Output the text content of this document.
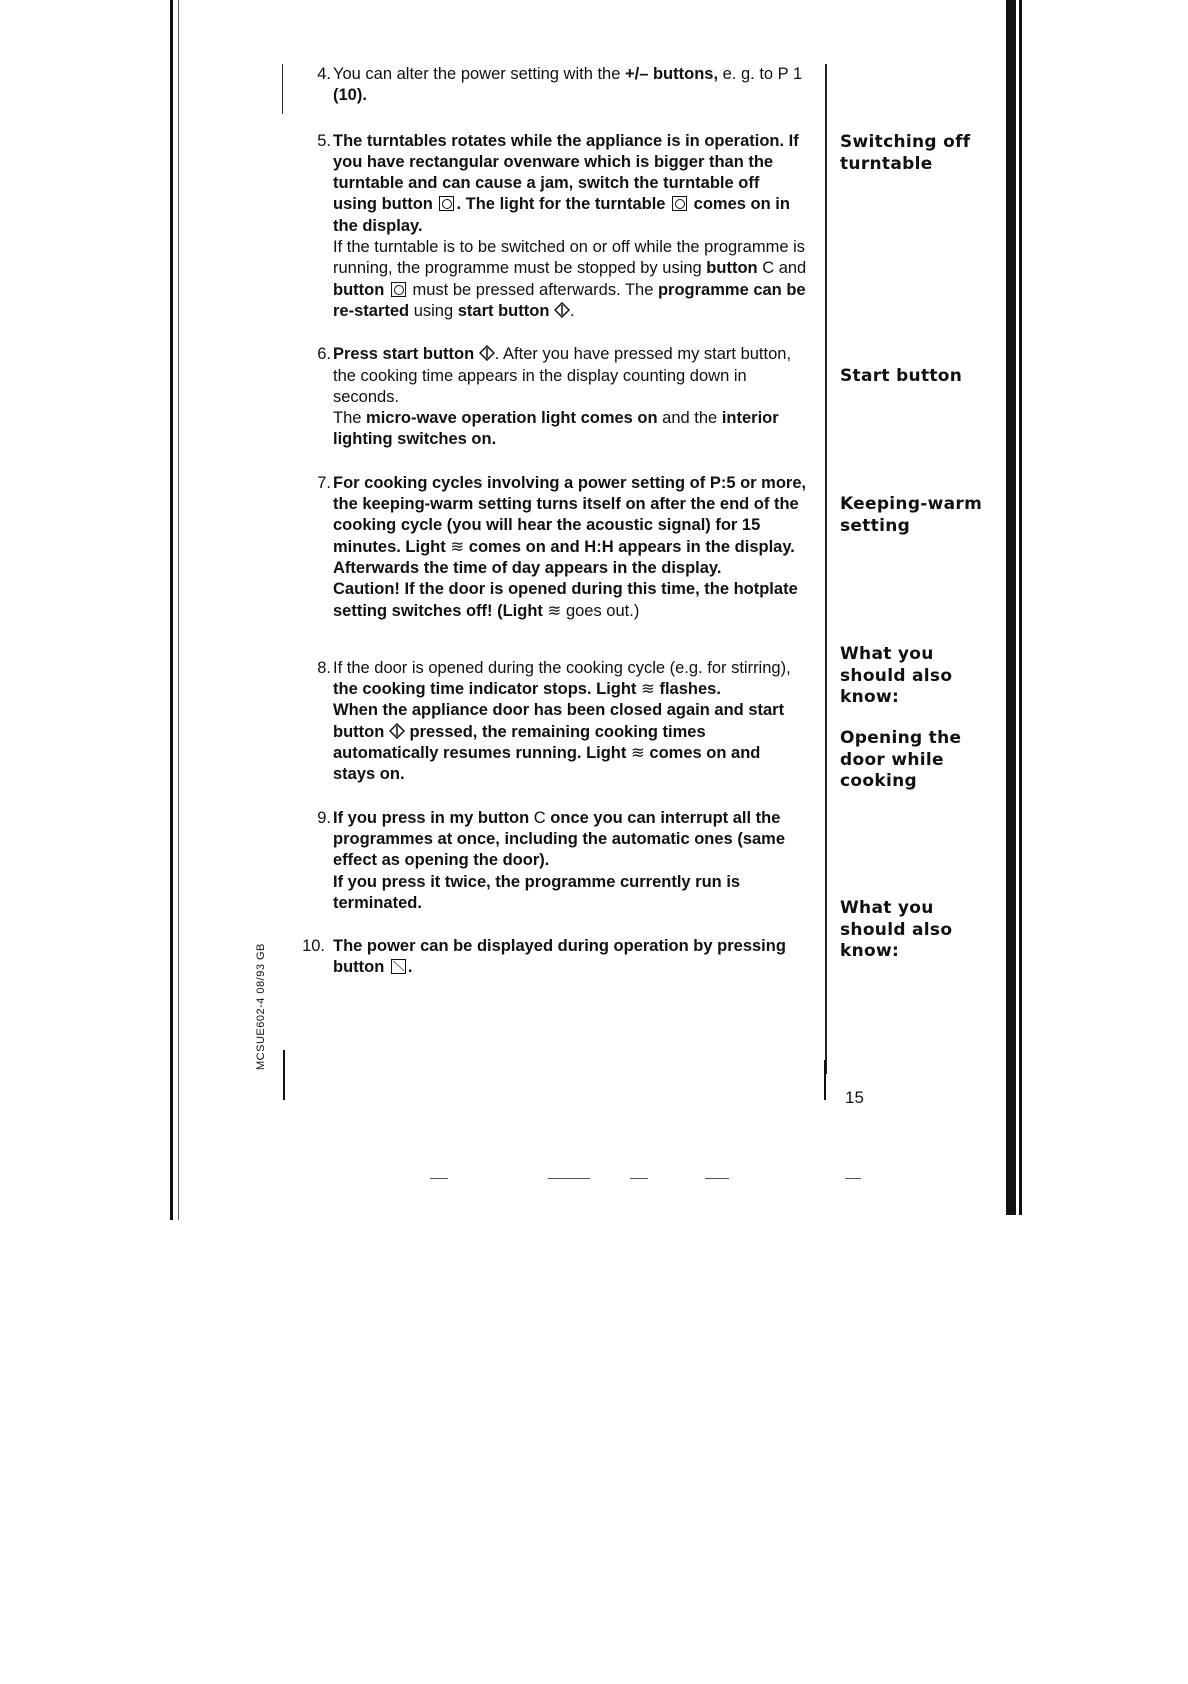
4. You can alter the power setting with the +/– buttons, e. g. to P 1 (10).

5. The turntables rotates while the appliance is in operation. If you have rectangular ovenware which is bigger than the turntable and can cause a jam, switch the turntable off using button . The light for the turntable comes on in the display.

If the turntable is to be switched on or off while the programme is running, the programme must be stopped by using button C and button  must be pressed afterwards. The programme can be re-started using start button .

6. Press start button . After you have pressed my start button, the cooking time appears in the display counting down in seconds.

The micro-wave operation light comes on and the interior lighting switches on.

7. For cooking cycles involving a power setting of P:5 or more, the keeping-warm setting turns itself on after the end of the cooking cycle (you will hear the acoustic signal) for 15 minutes. Light ≋ comes on and H:H appears in the display. Afterwards the time of day appears in the display.

Caution! If the door is opened during this time, the hotplate setting switches off! (Light ≋ goes out.)

8. If the door is opened during the cooking cycle (e.g. for stirring), the cooking time indicator stops. Light ≋ flashes.

When the appliance door has been closed again and start button pressed, the remaining cooking times automatically resumes running. Light ≋ comes on and stays on.

9. If you press in my button C once you can interrupt all the programmes at once, including the automatic ones (same effect as opening the door).

If you press it twice, the programme currently run is terminated.

10. The power can be displayed during operation by pressing button .

Switching off turntable
Start button
Keeping-warm setting
What you should also know:
Opening the door while cooking
What you should also know:
15
MCSUE602-4 08/93 GB
